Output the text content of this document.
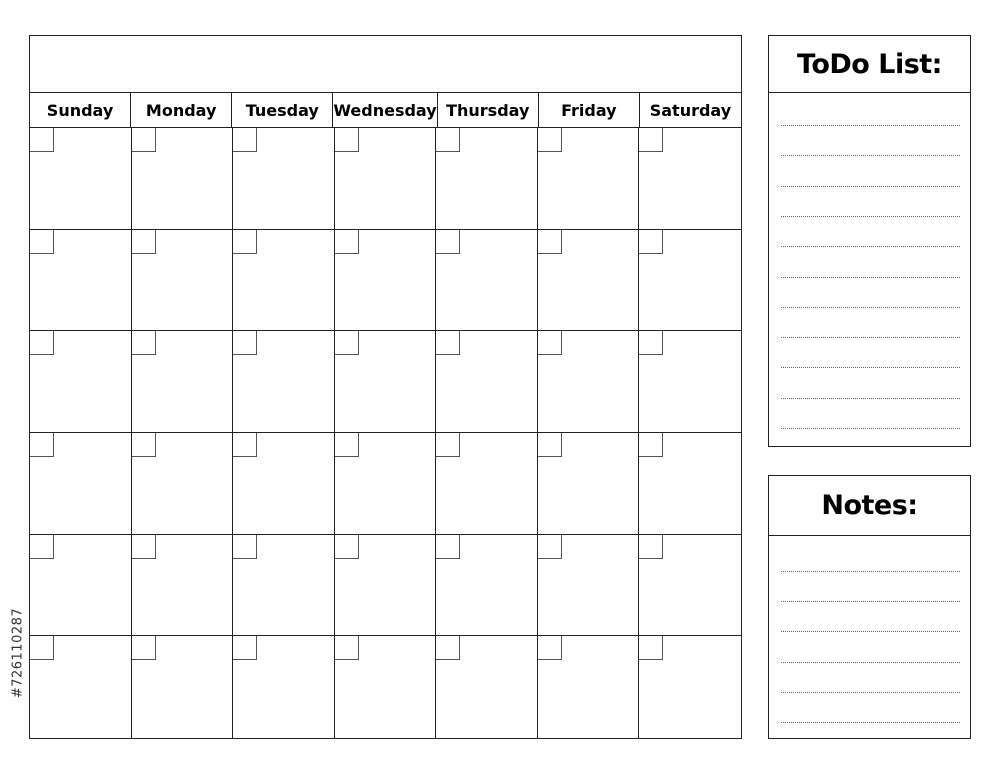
Sunday	Monday	Tuesday Wednesday Thursday	Friday	Saturday
ToDo List:
Notes:
#726110287
